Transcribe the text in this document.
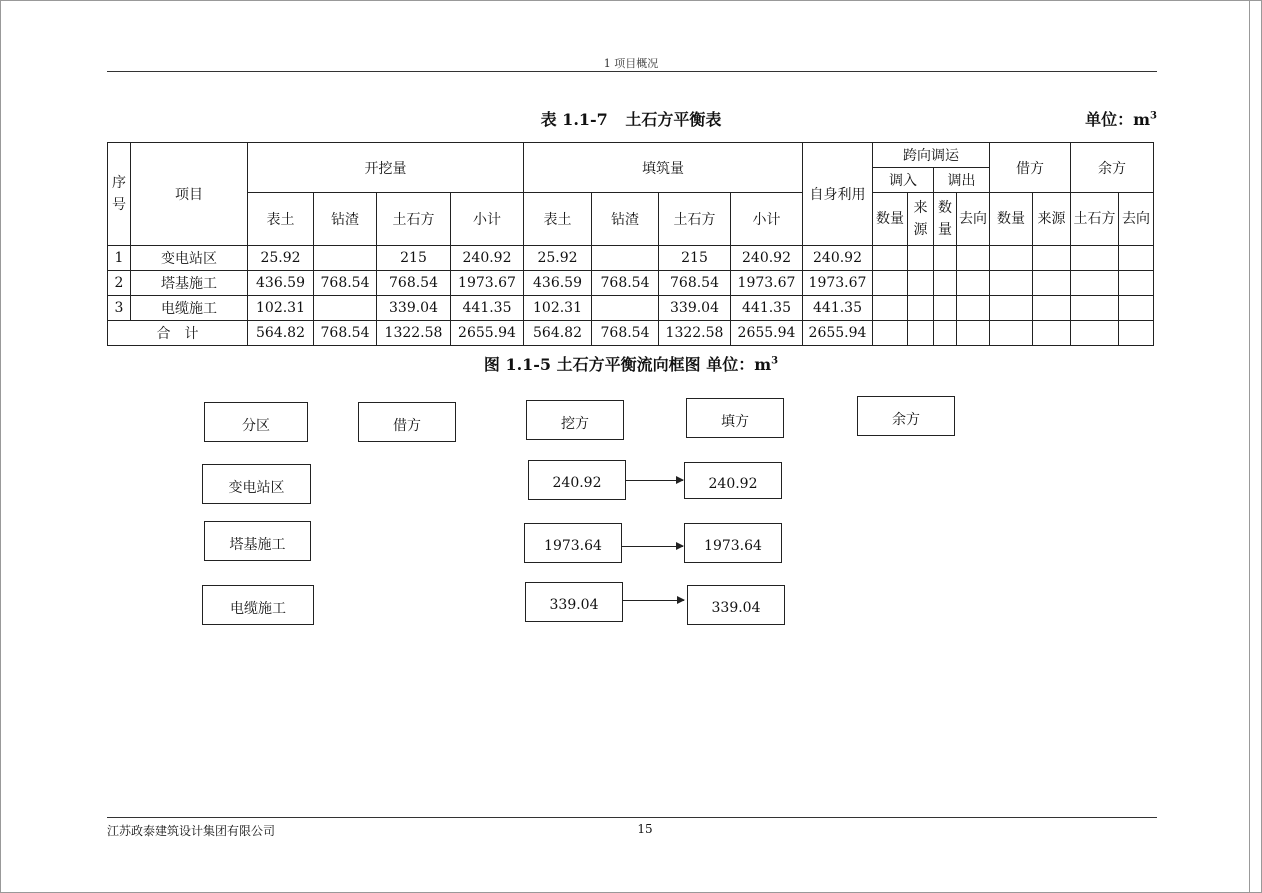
1 项目概况
表 1.1-7 土石方平衡表	单位：$m^3$
序号	项目	开挖量				填筑量				自身利用	跨向调运				借方		余方	
											调入		调出					
		表土	钻渣	土石方	小计	表土	钻渣	土石方	小计		数量	来源	数量	去向	数量	来源	土石方	去向
1	变电站区	25.92		215	240.92	25.92		215	240.92	240.92								
2	塔基施工	436.59	768.54	768.54	1973.67	436.59	768.54	768.54	1973.67	1973.67								
3	电缆施工	102.31		339.04	441.35	102.31		339.04	441.35	441.35								
合　计		564.82	768.54	1322.58	2655.94	564.82	768.54	1322.58	2655.94	2655.94								
图 1.1-5 土石方平衡流向框图 单位：$m^3$
分区	借方	挖方	填方	余方
变电站区
塔基施工
电缆施工
240.92
1973.64
339.04
240.92
1973.64
339.04
江苏政泰建筑设计集团有限公司	15
